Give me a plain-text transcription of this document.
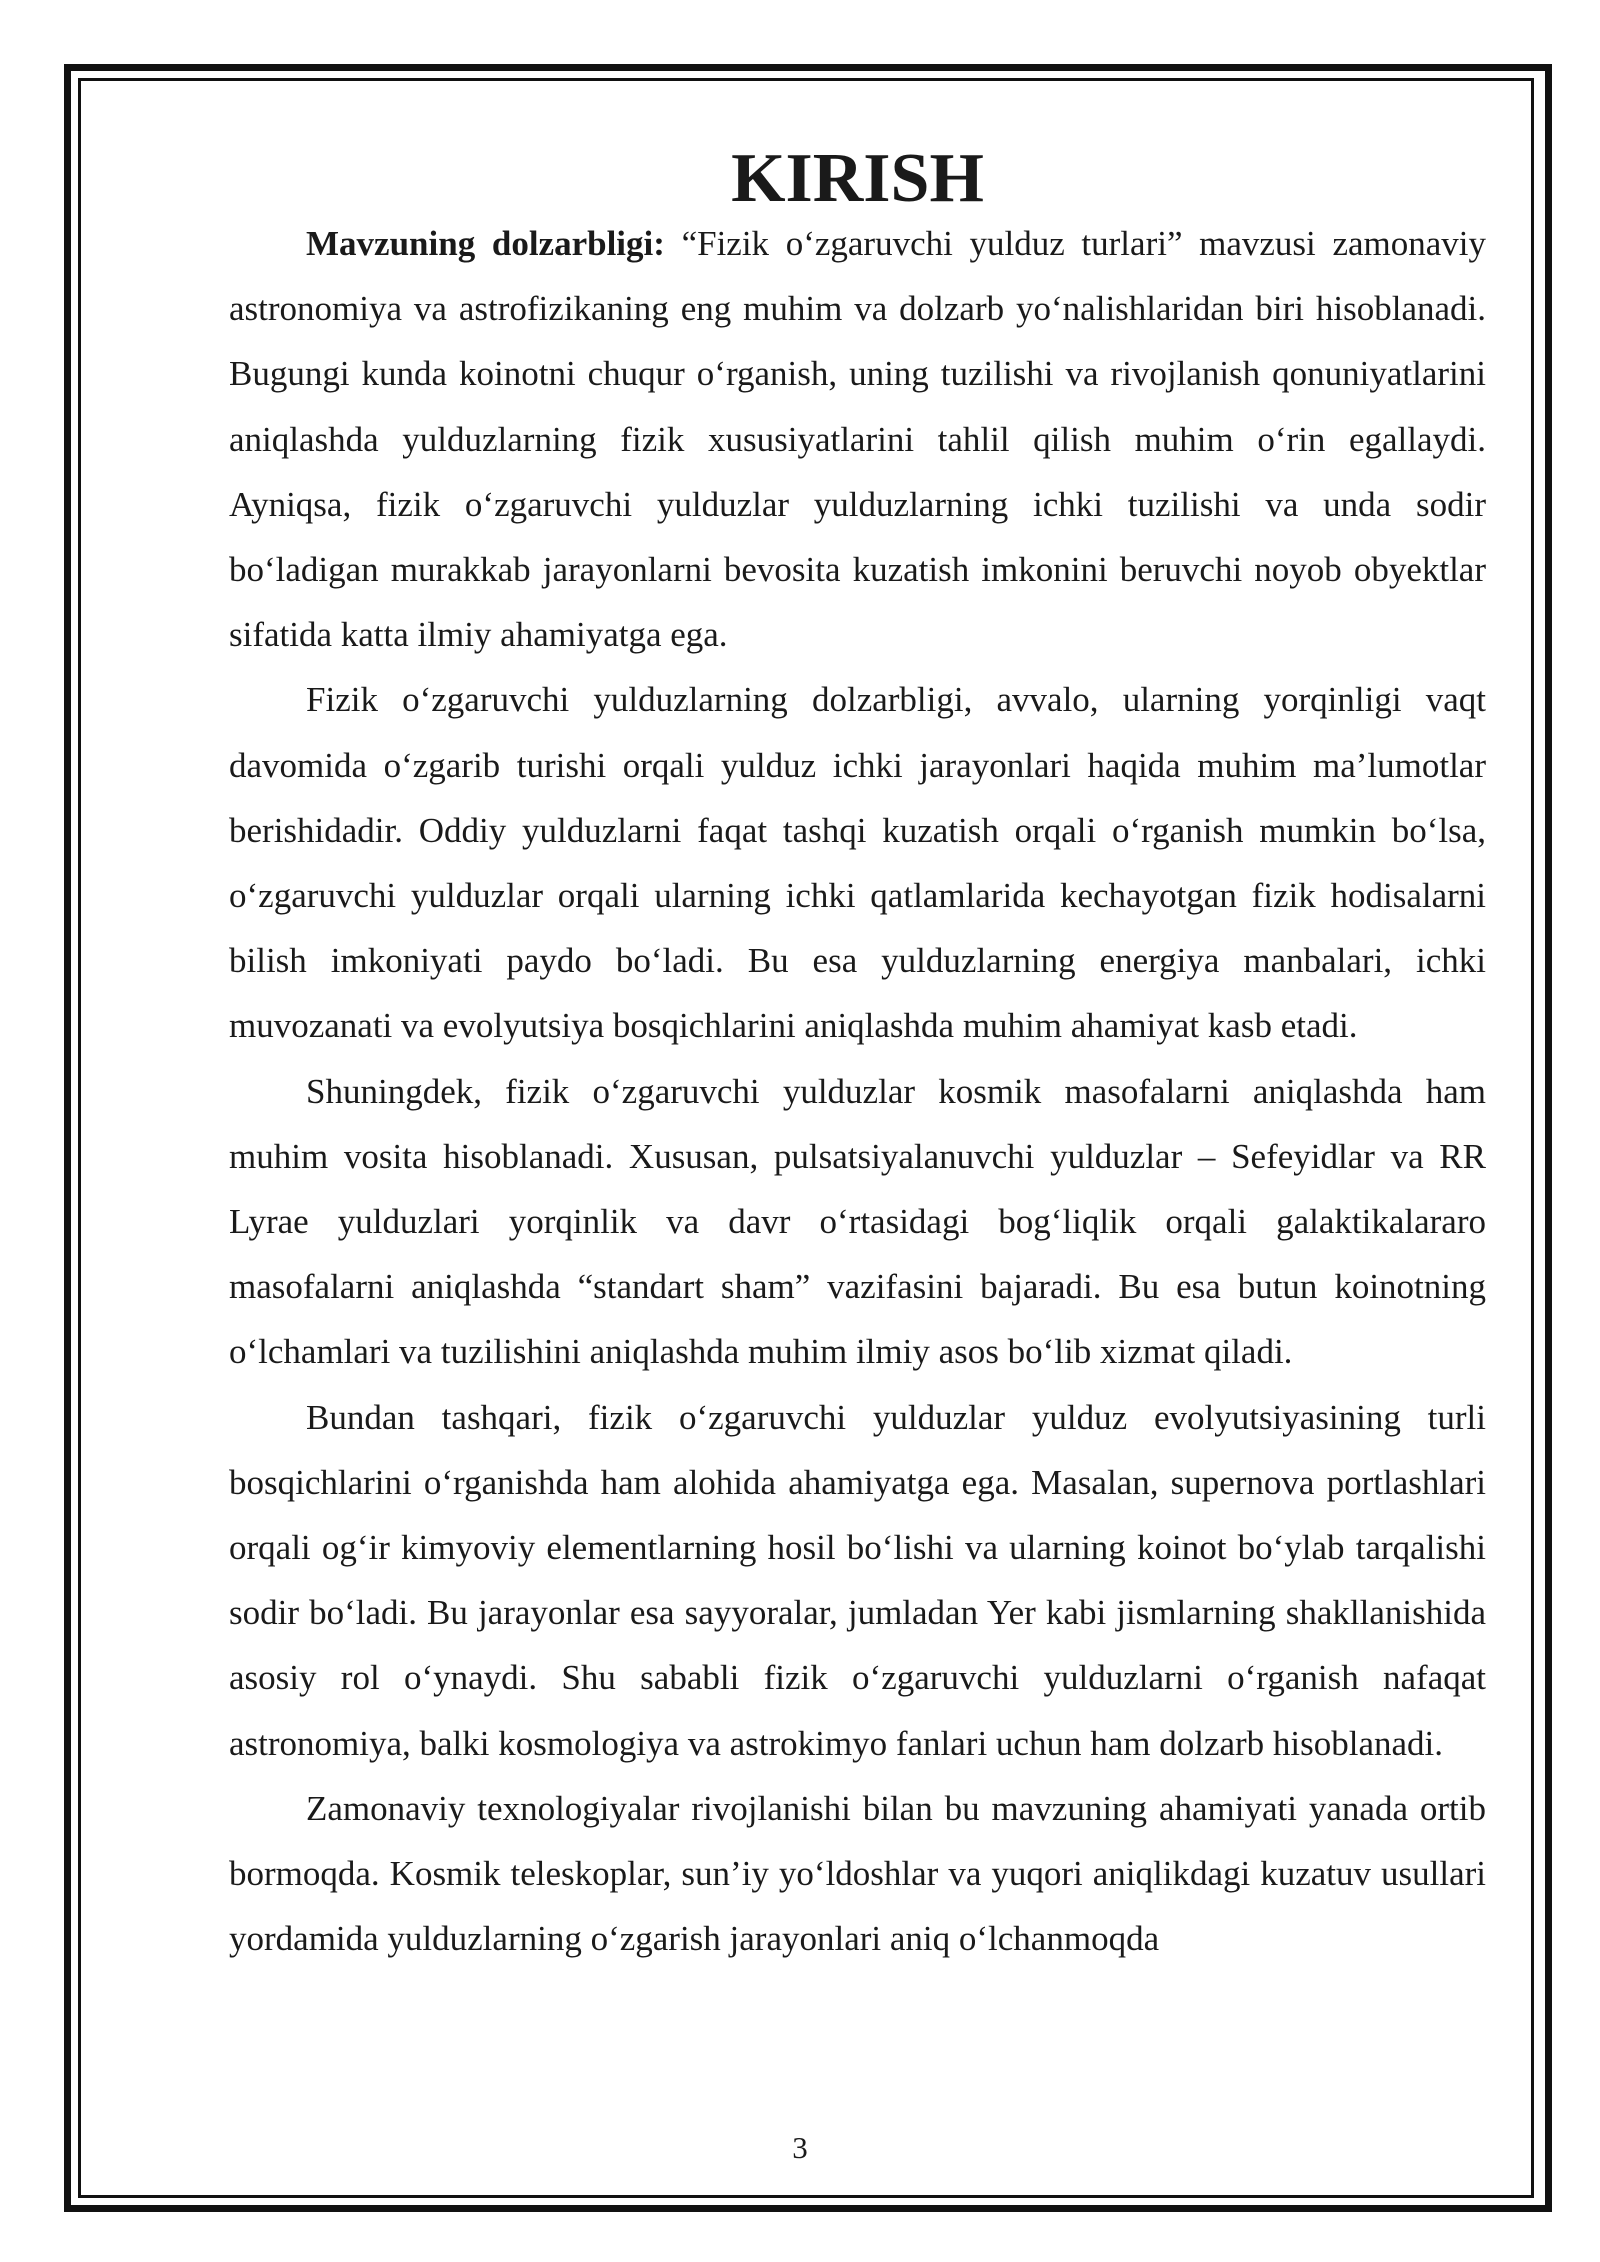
KIRISH

Mavzuning dolzarbligi: “Fizik o‘zgaruvchi yulduz turlari” mavzusi zamonaviy astronomiya va astrofizikaning eng muhim va dolzarb yo‘nalishlaridan biri hisoblanadi. Bugungi kunda koinotni chuqur o‘rganish, uning tuzilishi va rivojlanish qonuniyatlarini aniqlashda yulduzlarning fizik xususiyatlarini tahlil qilish muhim o‘rin egallaydi. Ayniqsa, fizik o‘zgaruvchi yulduzlar yulduzlarning ichki tuzilishi va unda sodir bo‘ladigan murakkab jarayonlarni bevosita kuzatish imkonini beruvchi noyob obyektlar sifatida katta ilmiy ahamiyatga ega.

Fizik o‘zgaruvchi yulduzlarning dolzarbligi, avvalo, ularning yorqinligi vaqt davomida o‘zgarib turishi orqali yulduz ichki jarayonlari haqida muhim ma’lumotlar berishidadir. Oddiy yulduzlarni faqat tashqi kuzatish orqali o‘rganish mumkin bo‘lsa, o‘zgaruvchi yulduzlar orqali ularning ichki qatlamlarida kechayotgan fizik hodisalarni bilish imkoniyati paydo bo‘ladi. Bu esa yulduzlarning energiya manbalari, ichki muvozanati va evolyutsiya bosqichlarini aniqlashda muhim ahamiyat kasb etadi.

Shuningdek, fizik o‘zgaruvchi yulduzlar kosmik masofalarni aniqlashda ham muhim vosita hisoblanadi. Xususan, pulsatsiyalanuvchi yulduzlar – Sefeyidlar va RR Lyrae yulduzlari yorqinlik va davr o‘rtasidagi bog‘liqlik orqali galaktikalararo masofalarni aniqlashda “standart sham” vazifasini bajaradi. Bu esa butun koinotning o‘lchamlari va tuzilishini aniqlashda muhim ilmiy asos bo‘lib xizmat qiladi.

Bundan tashqari, fizik o‘zgaruvchi yulduzlar yulduz evolyutsiyasining turli bosqichlarini o‘rganishda ham alohida ahamiyatga ega. Masalan, supernova portlashlari orqali og‘ir kimyoviy elementlarning hosil bo‘lishi va ularning koinot bo‘ylab tarqalishi sodir bo‘ladi. Bu jarayonlar esa sayyoralar, jumladan Yer kabi jismlarning shakllanishida asosiy rol o‘ynaydi. Shu sababli fizik o‘zgaruvchi yulduzlarni o‘rganish nafaqat astronomiya, balki kosmologiya va astrokimyo fanlari uchun ham dolzarb hisoblanadi.

Zamonaviy texnologiyalar rivojlanishi bilan bu mavzuning ahamiyati yanada ortib bormoqda. Kosmik teleskoplar, sun’iy yo‘ldoshlar va yuqori aniqlikdagi kuzatuv usullari yordamida yulduzlarning o‘zgarish jarayonlari aniq o‘lchanmoqda

3
